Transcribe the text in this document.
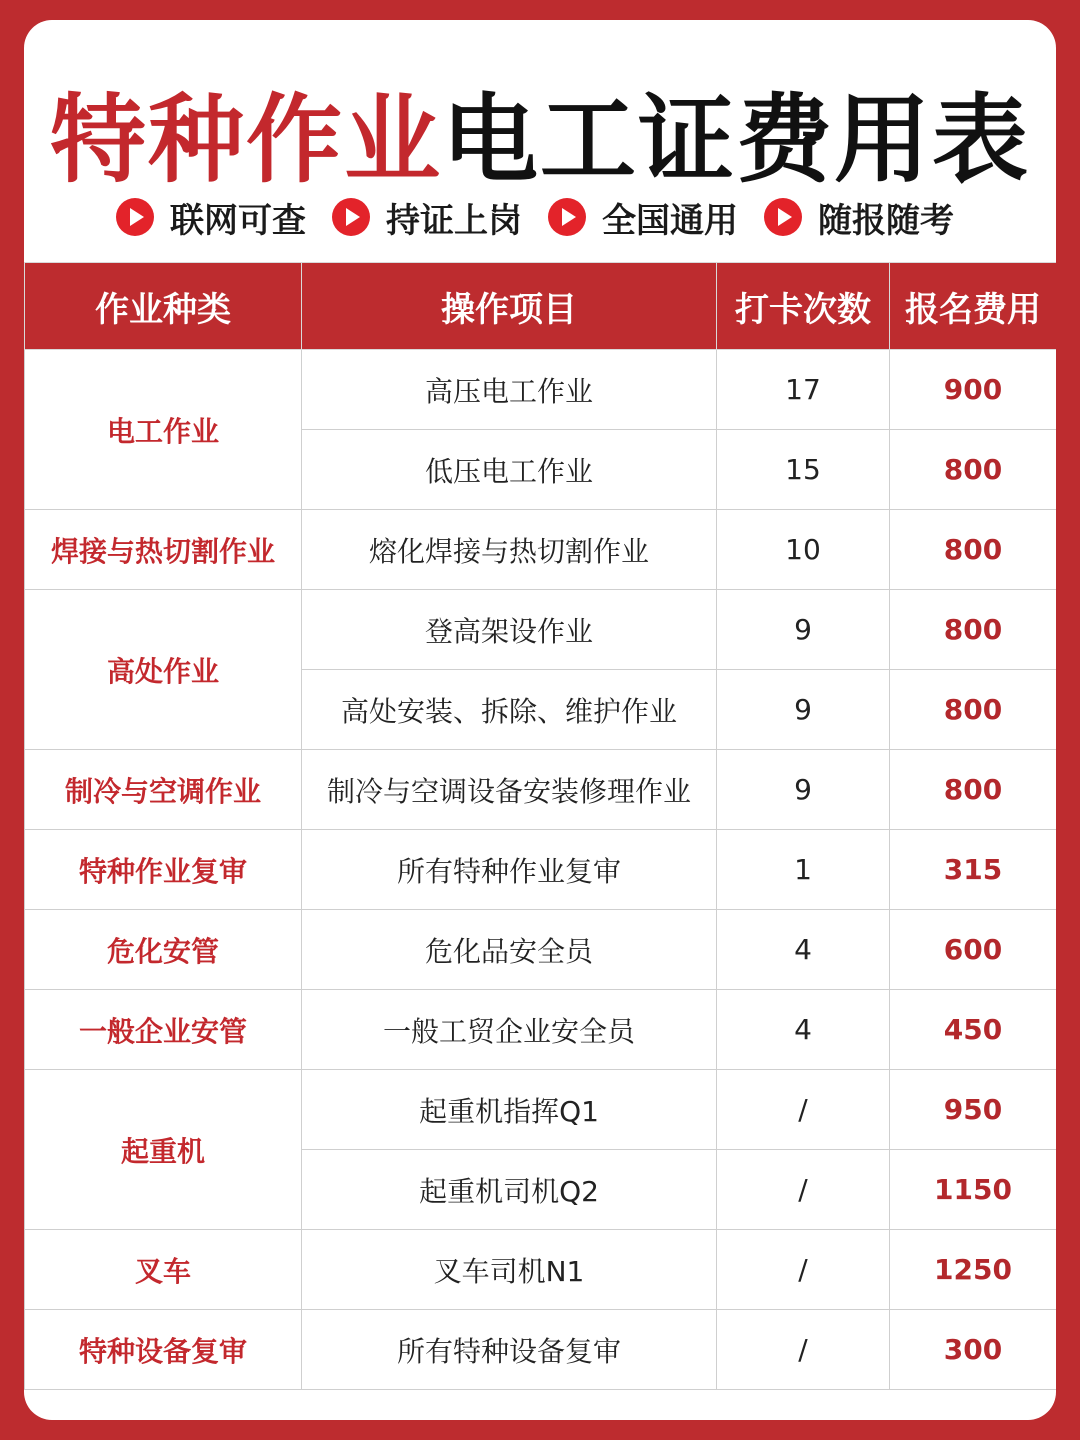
特种作业电工证费用表
联网可查 持证上岗 全国通用 随报随考
作业种类	操作项目	打卡次数	报名费用
电工作业	高压电工作业	17	900
	低压电工作业	15	800
焊接与热切割作业	熔化焊接与热切割作业	10	800
高处作业	登高架设作业	9	800
	高处安装、拆除、维护作业	9	800
制冷与空调作业	制冷与空调设备安装修理作业	9	800
特种作业复审	所有特种作业复审	1	315
危化安管	危化品安全员	4	600
一般企业安管	一般工贸企业安全员	4	450
起重机	起重机指挥Q1	/	950
	起重机司机Q2	/	1150
叉车	叉车司机N1	/	1250
特种设备复审	所有特种设备复审	/	300
